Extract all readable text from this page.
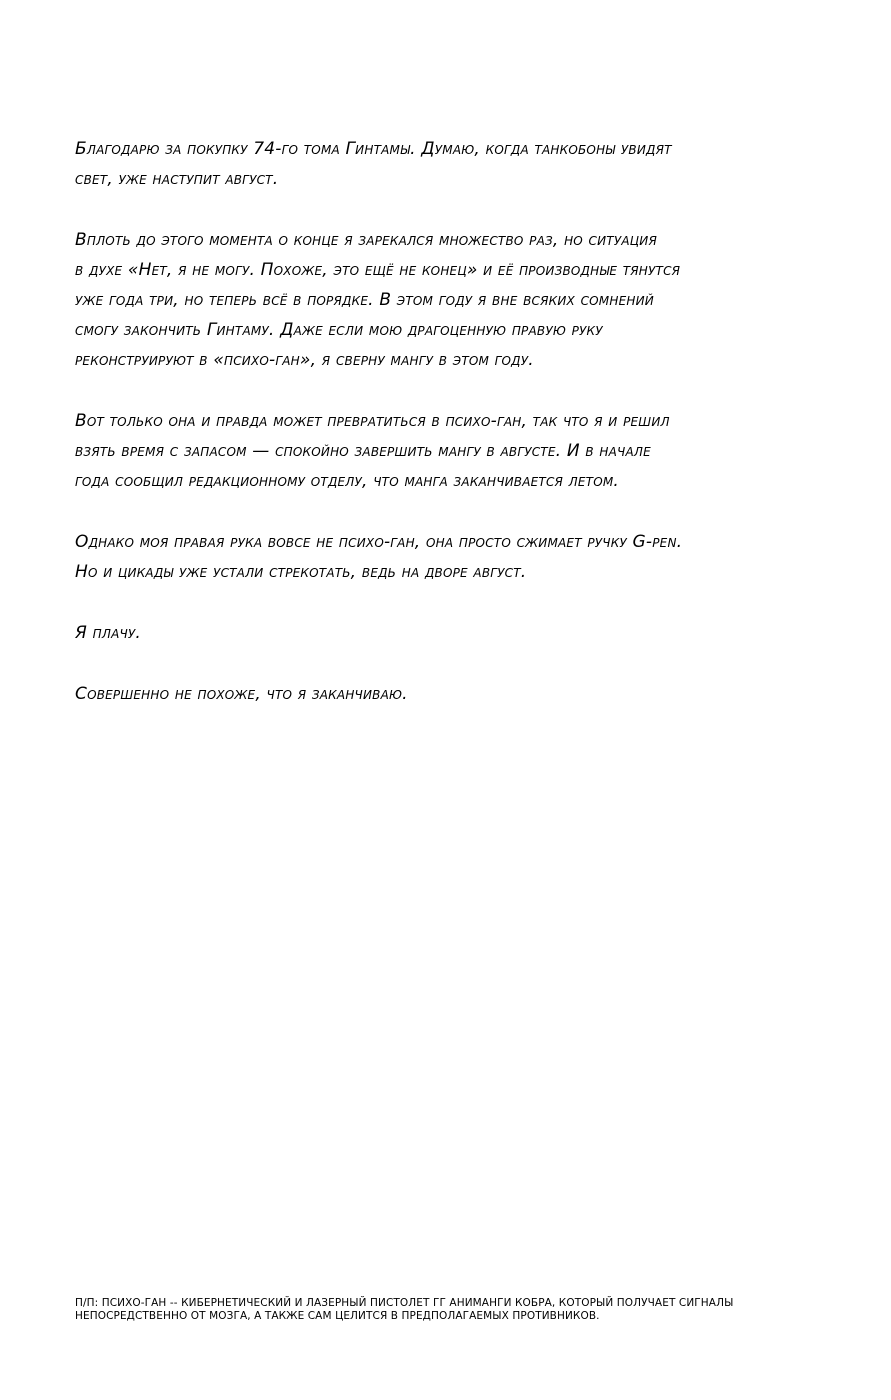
Благодарю за покупку 74-го тома Гинтамы. Думаю, когда танкобоны увидят
свет, уже наступит август.

Вплоть до этого момента о конце я зарекался множество раз, но ситуация
в духе «Нет, я не могу. Похоже, это ещё не конец» и её производные тянутся
уже года три, но теперь всё в порядке. В этом году я вне всяких сомнений
смогу закончить Гинтаму. Даже если мою драгоценную правую руку
реконструируют в «психо-ган», я сверну мангу в этом году.

Вот только она и правда может превратиться в психо-ган, так что я и решил
взять время с запасом — спокойно завершить мангу в августе. И в начале
года сообщил редакционному отделу, что манга заканчивается летом.

Однако моя правая рука вовсе не психо-ган, она просто сжимает ручку G-pen.
Но и цикады уже устали стрекотать, ведь на дворе август.

Я плачу.

Совершенно не похоже, что я заканчиваю.

П/П: ПСИХО-ГАН -- КИБЕРНЕТИЧЕСКИЙ И ЛАЗЕРНЫЙ ПИСТОЛЕТ ГГ АНИМАНГИ КОБРА, КОТОРЫЙ ПОЛУЧАЕТ СИГНАЛЫ
НЕПОСРЕДСТВЕННО ОТ МОЗГА, А ТАКЖЕ САМ ЦЕЛИТСЯ В ПРЕДПОЛАГАЕМЫХ ПРОТИВНИКОВ.
